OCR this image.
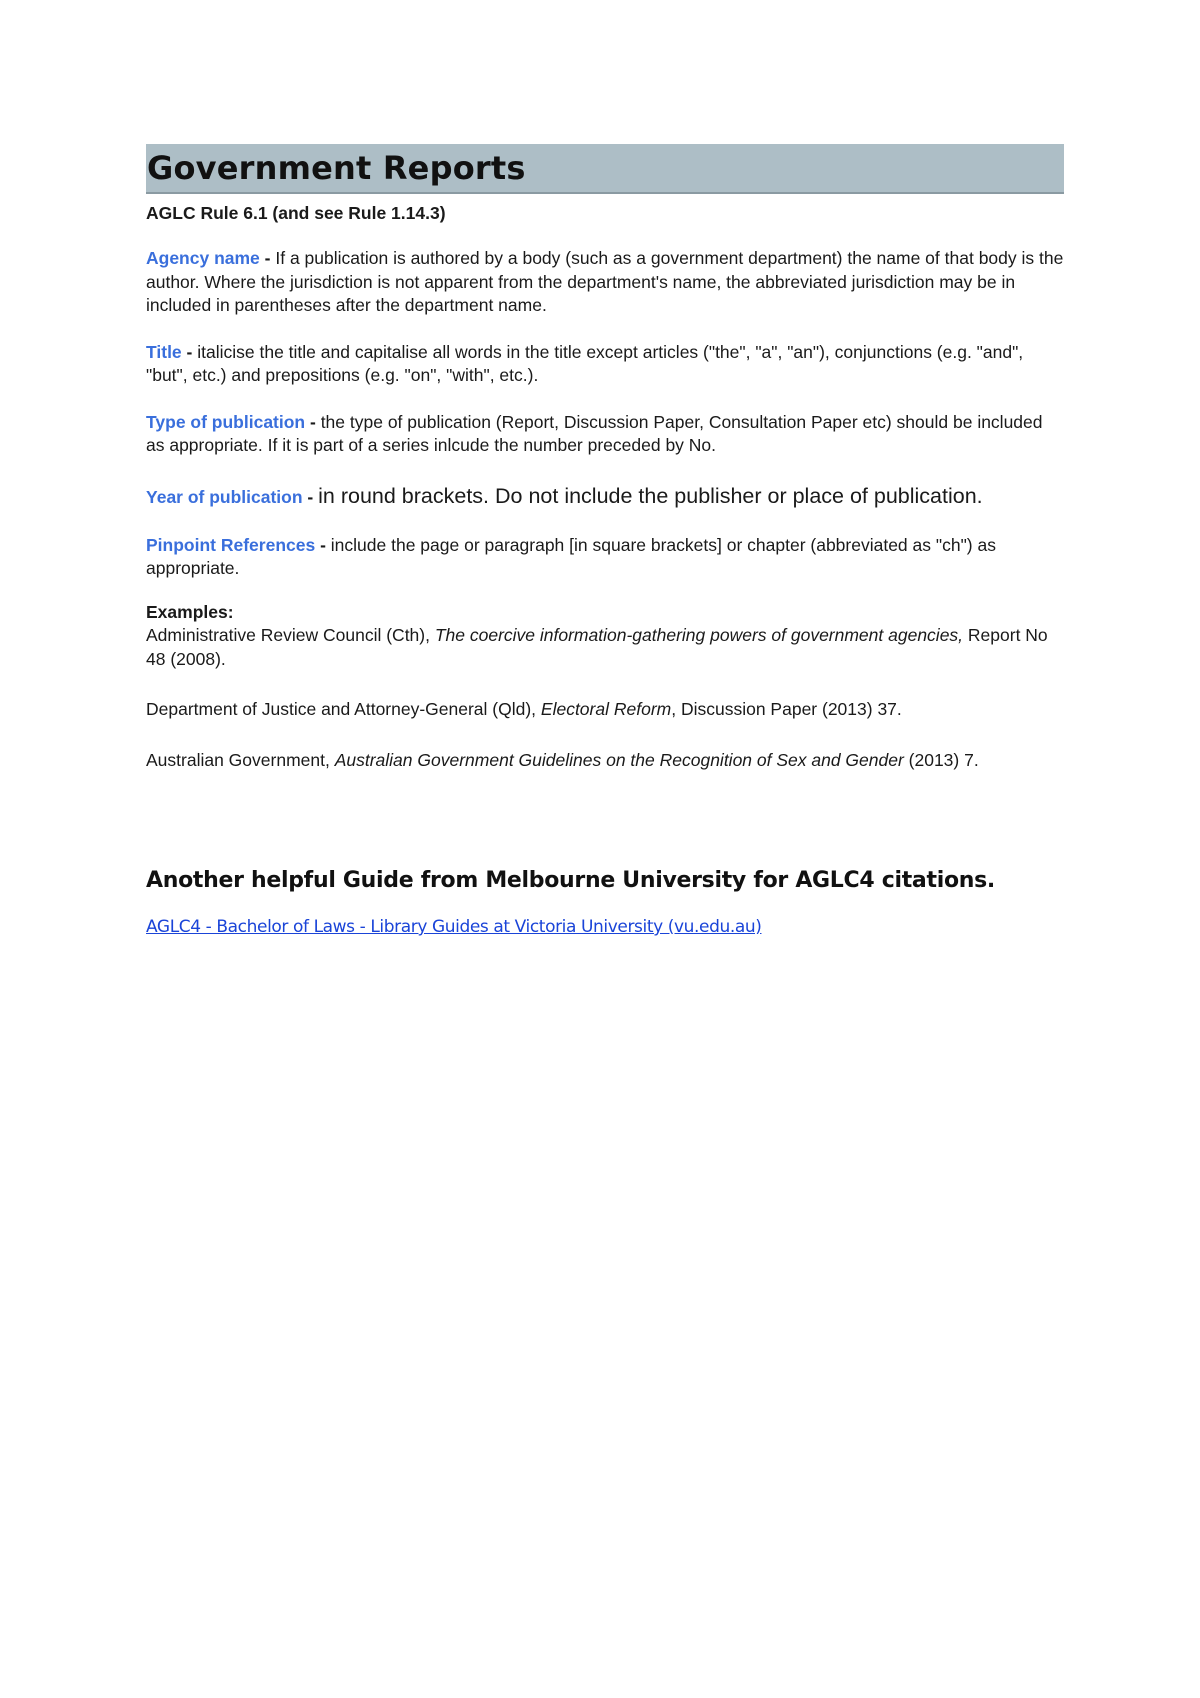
Government Reports
AGLC Rule 6.1 (and see Rule 1.14.3)

Agency name - If a publication is authored by a body (such as a government department) the name of that body is the author. Where the jurisdiction is not apparent from the department's name, the abbreviated jurisdiction may be in included in parentheses after the department name.

Title - italicise the title and capitalise all words in the title except articles ("the", "a", "an"), conjunctions (e.g. "and", "but", etc.) and prepositions (e.g. "on", "with", etc.).

Type of publication - the type of publication (Report, Discussion Paper, Consultation Paper etc) should be included as appropriate. If it is part of a series inlcude the number preceded by No.

Year of publication - in round brackets. Do not include the publisher or place of publication.

Pinpoint References - include the page or paragraph [in square brackets] or chapter (abbreviated as "ch") as appropriate.

Examples:

Administrative Review Council (Cth), The coercive information-gathering powers of government agencies, Report No 48 (2008).

Department of Justice and Attorney-General (Qld), Electoral Reform, Discussion Paper (2013) 37.

Australian Government, Australian Government Guidelines on the Recognition of Sex and Gender (2013) 7.

Another helpful Guide from Melbourne University for AGLC4 citations.
AGLC4 - Bachelor of Laws - Library Guides at Victoria University (vu.edu.au)
